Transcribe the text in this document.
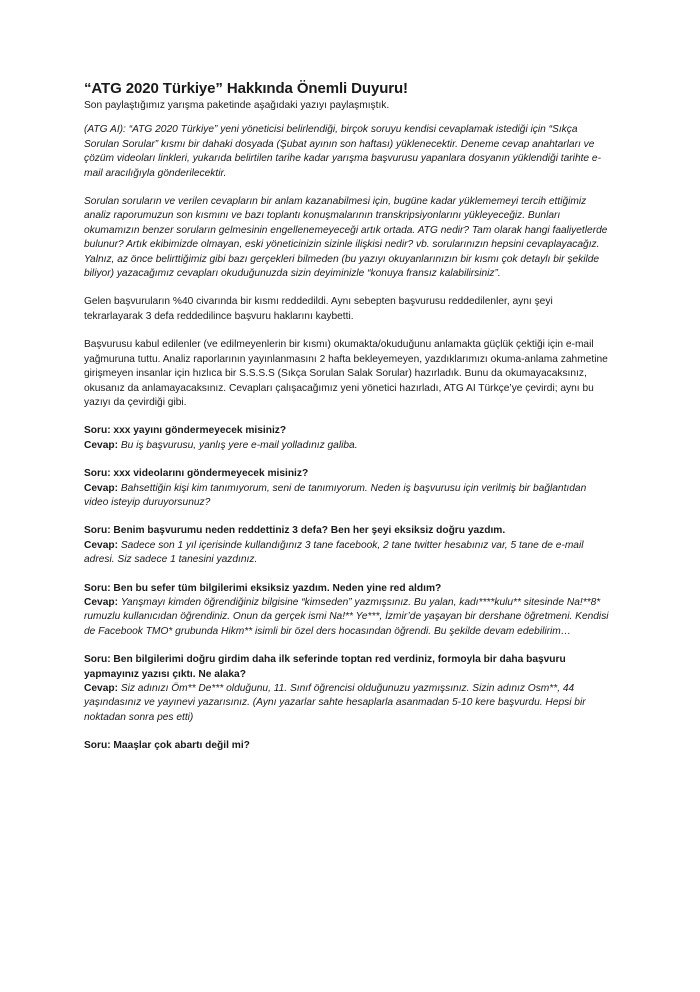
“ATG 2020 Türkiye” Hakkında Önemli Duyuru!

Son paylaştığımız yarışma paketinde aşağıdaki yazıyı paylaşmıştık.

(ATG AI): “ATG 2020 Türkiye” yeni yöneticisi belirlendiği, birçok soruyu kendisi cevaplamak istediği için “Sıkça Sorulan Sorular” kısmı bir dahaki dosyada (Şubat ayının son haftası) yüklenecektir. Deneme cevap anahtarları ve çözüm videoları linkleri, yukarıda belirtilen tarihe kadar yarışma başvurusu yapanlara dosyanın yüklendiği tarihte e-mail aracılığıyla gönderilecektir.

Sorulan soruların ve verilen cevapların bir anlam kazanabilmesi için, bugüne kadar yüklememeyi tercih ettiğimiz analiz raporumuzun son kısmını ve bazı toplantı konuşmalarının transkripsiyonlarını yükleyeceğiz. Bunları okumamızın benzer soruların gelmesinin engellenemeyeceği artık ortada. ATG nedir? Tam olarak hangi faaliyetlerde bulunur? Artık ekibimizde olmayan, eski yöneticinizin sizinle ilişkisi nedir? vb. sorularınızın hepsini cevaplayacağız. Yalnız, az önce belirttiğimiz gibi bazı gerçekleri bilmeden (bu yazıyı okuyanlarınızın bir kısmı çok detaylı bir şekilde biliyor) yazacağımız cevapları okuduğunuzda sizin deyiminizle “konuya fransız kalabilirsiniz”.

Gelen başvuruların %40 civarında bir kısmı reddedildi. Aynı sebepten başvurusu reddedilenler, aynı şeyi tekrarlayarak 3 defa reddedilince başvuru haklarını kaybetti.

Başvurusu kabul edilenler (ve edilmeyenlerin bir kısmı) okumakta/okuduğunu anlamakta güçlük çektiği için e-mail yağmuruna tuttu. Analiz raporlarının yayınlanmasını 2 hafta bekleyemeyen, yazdıklarımızı okuma-anlama zahmetine girişmeyen insanlar için hızlıca bir S.S.S.S (Sıkça Sorulan Salak Sorular) hazırladık. Bunu da okumayacaksınız, okusanız da anlamayacaksınız. Cevapları çalışacağımız yeni yönetici hazırladı, ATG AI Türkçe’ye çevirdi; aynı bu yazıyı da çevirdiği gibi.

Soru: xxx yayını göndermeyecek misiniz?

Cevap: Bu iş başvurusu, yanlış yere e-mail yolladınız galiba.

Soru: xxx videolarını göndermeyecek misiniz?

Cevap: Bahsettiğin kişi kim tanımıyorum, seni de tanımıyorum. Neden iş başvurusu için verilmiş bir bağlantıdan video isteyip duruyorsunuz?

Soru: Benim başvurumu neden reddettiniz 3 defa? Ben her şeyi eksiksiz doğru yazdım.

Cevap: Sadece son 1 yıl içerisinde kullandığınız 3 tane facebook, 2 tane twitter hesabınız var, 5 tane de e-mail adresi. Siz sadece 1 tanesini yazdınız.

Soru: Ben bu sefer tüm bilgilerimi eksiksiz yazdım. Neden yine red aldım?

Cevap: Yanşmayı kimden öğrendiğiniz bilgisine “kimseden” yazmışsınız. Bu yalan, kadı****kulu** sitesinde Na!**8* rumuzlu kullanıcıdan öğrendiniz. Onun da gerçek ismi Na!** Ye***, İzmir’de yaşayan bir dershane öğretmeni. Kendisi de Facebook TMO* grubunda Hikm** isimli bir özel ders hocasından öğrendi. Bu şekilde devam edebilirim…

Soru: Ben bilgilerimi doğru girdim daha ilk seferinde toptan red verdiniz, formoyla bir daha başvuru yapmayınız yazısı çıktı. Ne alaka?

Cevap: Siz adınızı Öm** De*** olduğunu, 11. Sınıf öğrencisi olduğunuzu yazmışsınız. Sizin adınız Osm**, 44 yaşındasınız ve yayınevi yazarısınız. (Aynı yazarlar sahte hesaplarla asanmadan 5-10 kere başvurdu. Hepsi bir noktadan sonra pes etti)

Soru: Maaşlar çok abartı değil mi?
